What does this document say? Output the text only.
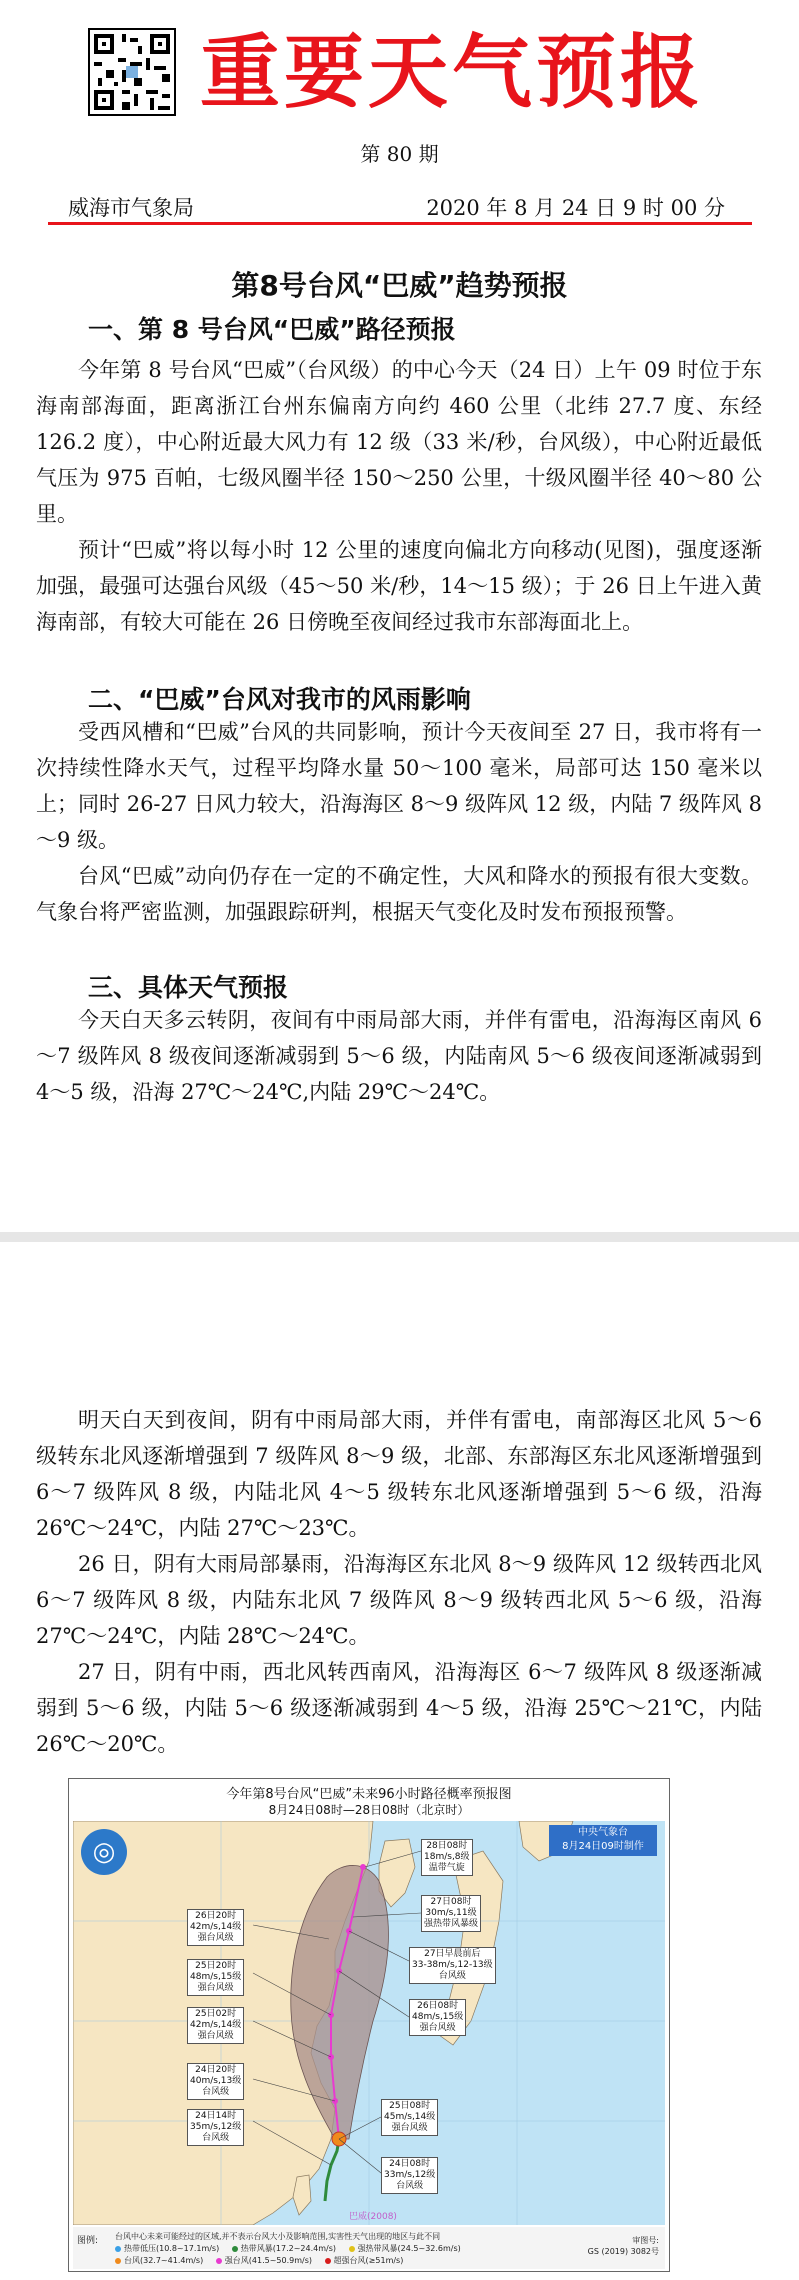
重要天气预报
第 80 期
威海市气象局	2020 年 8 月 24 日 9 时 00 分
第8号台风“巴威”趋势预报
一、第 8 号台风“巴威”路径预报
今年第 8 号台风“巴威”（台风级）的中心今天（24 日）上午 09 时位于东海南部海面，距离浙江台州东偏南方向约 460 公里（北纬 27.7 度、东经 126.2 度），中心附近最大风力有 12 级（33 米/秒，台风级），中心附近最低气压为 975 百帕，七级风圈半径 150～250 公里，十级风圈半径 40～80 公里。
预计“巴威”将以每小时 12 公里的速度向偏北方向移动(见图)，强度逐渐加强，最强可达强台风级（45～50 米/秒，14～15 级）；于 26 日上午进入黄海南部，有较大可能在 26 日傍晚至夜间经过我市东部海面北上。
二、“巴威”台风对我市的风雨影响
受西风槽和“巴威”台风的共同影响，预计今天夜间至 27 日，我市将有一次持续性降水天气，过程平均降水量 50～100 毫米，局部可达 150 毫米以上；同时 26-27 日风力较大，沿海海区 8～9 级阵风 12 级，内陆 7 级阵风 8～9 级。
台风“巴威”动向仍存在一定的不确定性，大风和降水的预报有很大变数。气象台将严密监测，加强跟踪研判，根据天气变化及时发布预报预警。
三、具体天气预报
今天白天多云转阴，夜间有中雨局部大雨，并伴有雷电，沿海海区南风 6～7 级阵风 8 级夜间逐渐减弱到 5～6 级，内陆南风 5～6 级夜间逐渐减弱到 4～5 级，沿海 27℃～24℃,内陆 29℃～24℃。
明天白天到夜间，阴有中雨局部大雨，并伴有雷电，南部海区北风 5～6 级转东北风逐渐增强到 7 级阵风 8～9 级，北部、东部海区东北风逐渐增强到 6～7 级阵风 8 级，内陆北风 4～5 级转东北风逐渐增强到 5～6 级，沿海 26℃～24℃，内陆 27℃～23℃。
26 日，阴有大雨局部暴雨，沿海海区东北风 8～9 级阵风 12 级转西北风 6～7 级阵风 8 级，内陆东北风 7 级阵风 8～9 级转西北风 5～6 级，沿海 27℃～24℃，内陆 28℃～24℃。
27 日，阴有中雨，西北风转西南风，沿海海区 6～7 级阵风 8 级逐渐减弱到 5～6 级，内陆 5～6 级逐渐减弱到 4～5 级，沿海 25℃～21℃，内陆 26℃～20℃。
今年第8号台风“巴威”未来96小时路径概率预报图
8月24日08时—28日08时（北京时）
◎
中央气象台
8月24日09时制作
28日08时
18m/s,8级
温带气旋
27日08时
30m/s,11级
强热带风暴级
27日早晨前后
33-38m/s,12-13级
台风级
26日08时
48m/s,15级
强台风级
25日08时
45m/s,14级
强台风级
24日08时
33m/s,12级
台风级
26日20时
42m/s,14级
强台风级
25日20时
48m/s,15级
强台风级
25日02时
42m/s,14级
强台风级
24日20时
40m/s,13级
台风级
24日14时
35m/s,12级
台风级
巴威(2008)
图例: 台风中心未来可能经过的区域,并不表示台风大小及影响范围,实害性天气出现的地区与此不同
热带低压(10.8~17.1m/s)	热带风暴(17.2~24.4m/s)	强热带风暴(24.5~32.6m/s)
台风(32.7~41.4m/s)	强台风(41.5~50.9m/s)	超强台风(≥51m/s)
审图号:
GS (2019) 3082号
